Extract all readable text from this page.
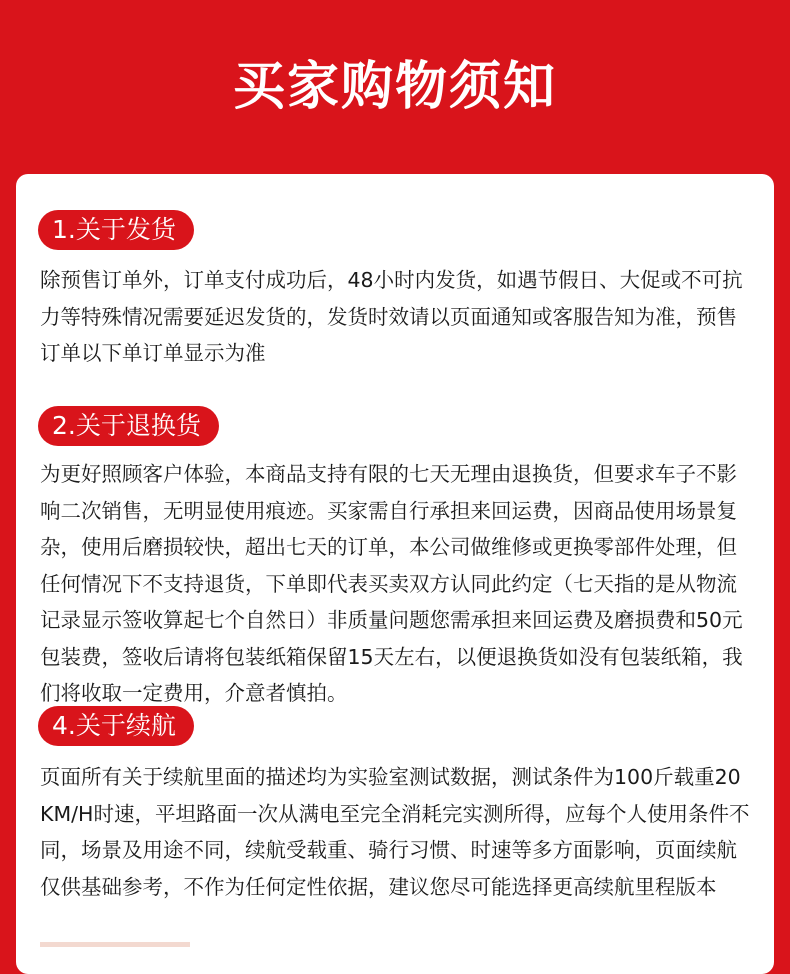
买家购物须知
1.关于发货
除预售订单外，订单支付成功后，48小时内发货，如遇节假日、大促或不可抗力等特殊情况需要延迟发货的，发货时效请以页面通知或客服告知为准，预售订单以下单订单显示为准
2.关于退换货
为更好照顾客户体验，本商品支持有限的七天无理由退换货，但要求车子不影响二次销售，无明显使用痕迹。买家需自行承担来回运费，因商品使用场景复杂，使用后磨损较快，超出七天的订单，本公司做维修或更换零部件处理，但任何情况下不支持退货，下单即代表买卖双方认同此约定（七天指的是从物流记录显示签收算起七个自然日）非质量问题您需承担来回运费及磨损费和50元包装费，签收后请将包装纸箱保留15天左右，以便退换货如没有包装纸箱，我们将收取一定费用，介意者慎拍。
4.关于续航
页面所有关于续航里面的描述均为实验室测试数据，测试条件为100斤载重20KM/H时速，平坦路面一次从满电至完全消耗完实测所得，应每个人使用条件不同，场景及用途不同，续航受载重、骑行习惯、时速等多方面影响，页面续航仅供基础参考，不作为任何定性依据，建议您尽可能选择更高续航里程版本
